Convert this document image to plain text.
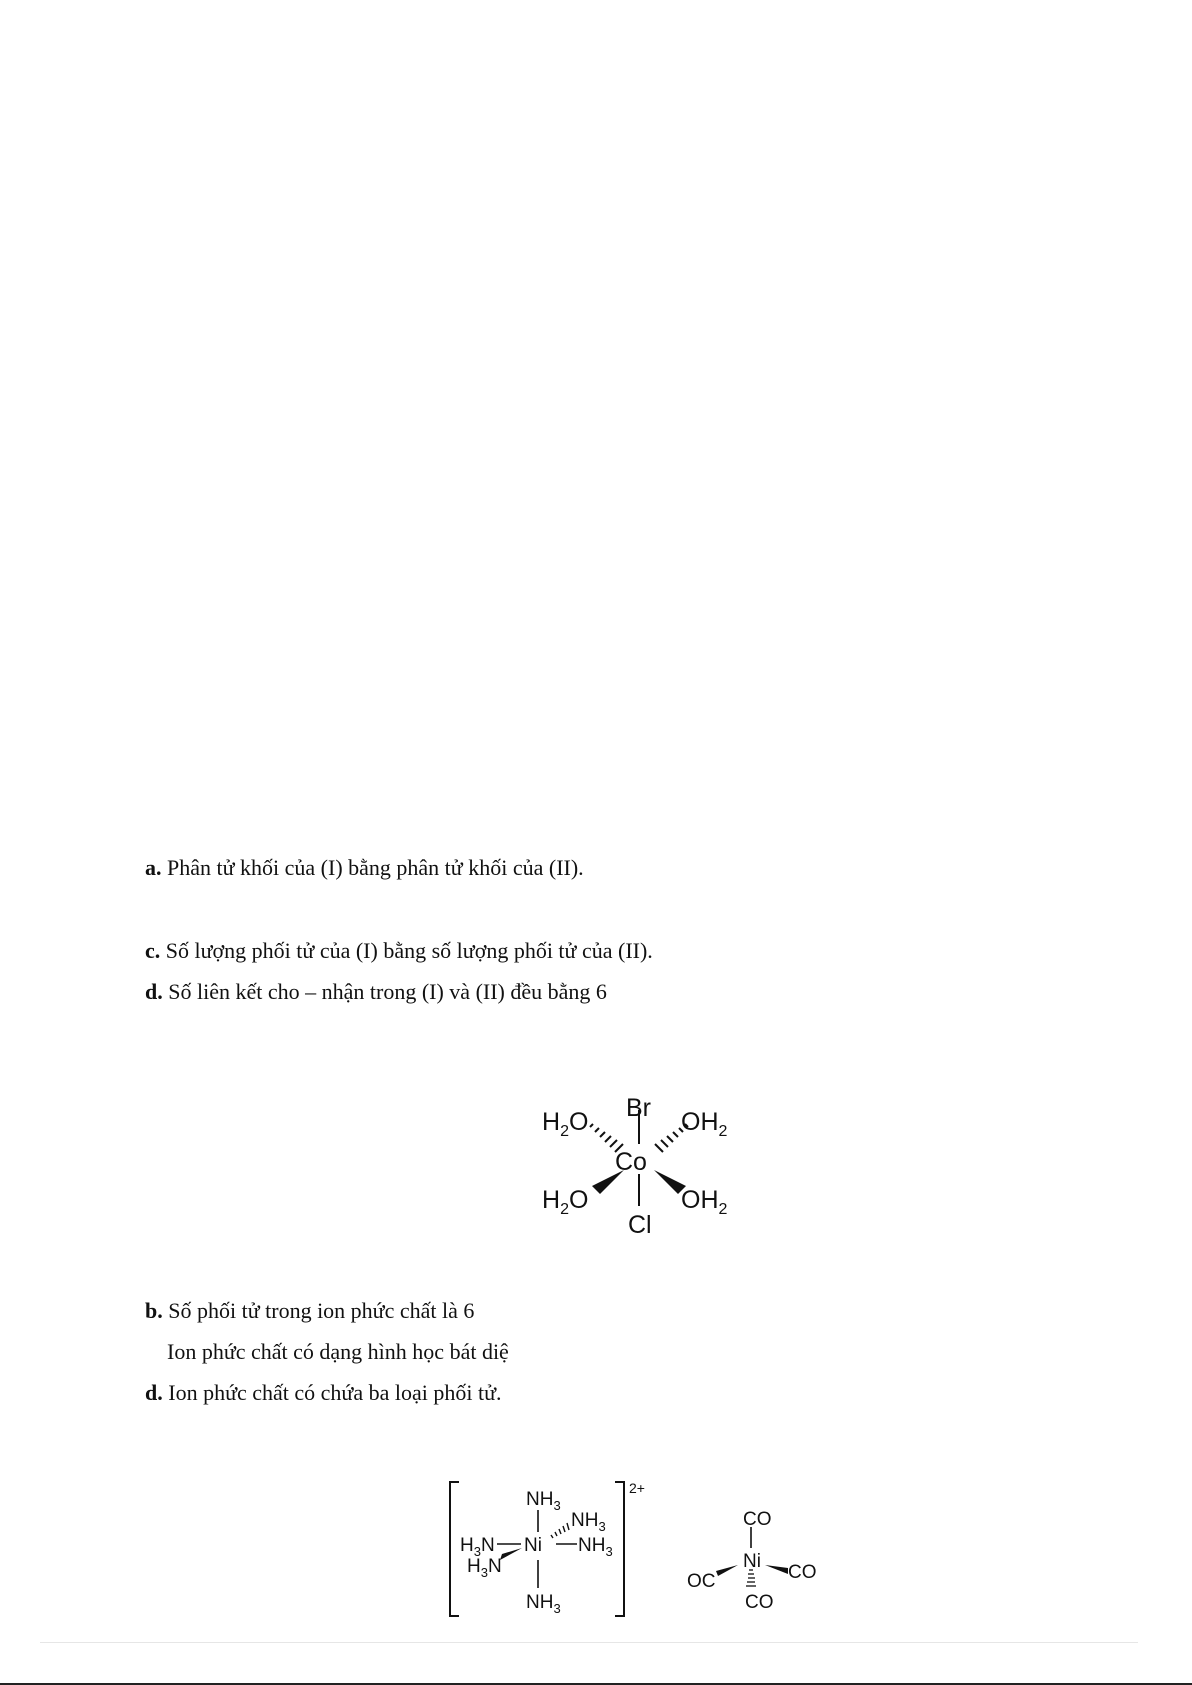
a. Phân tử khối của (I) bằng phân tử khối của (II).
c. Số lượng phối tử của (I) bằng số lượng phối tử của (II).
d. Số liên kết cho – nhận trong (I) và (II) đều bằng 6
Br
Co
Cl
$H_2O$	$OH_2$
$H_2O$	$OH_2$
b. Số phối tử trong ion phức chất là 6
Ion phức chất có dạng hình học bát diệ
d. Ion phức chất có chứa ba loại phối tử.
2+
$NH_3$
$NH_3$
$H_3N$ Ni $NH_3$
$H_3N$
$NH_3$
CO
Ni
OC	CO
CO
